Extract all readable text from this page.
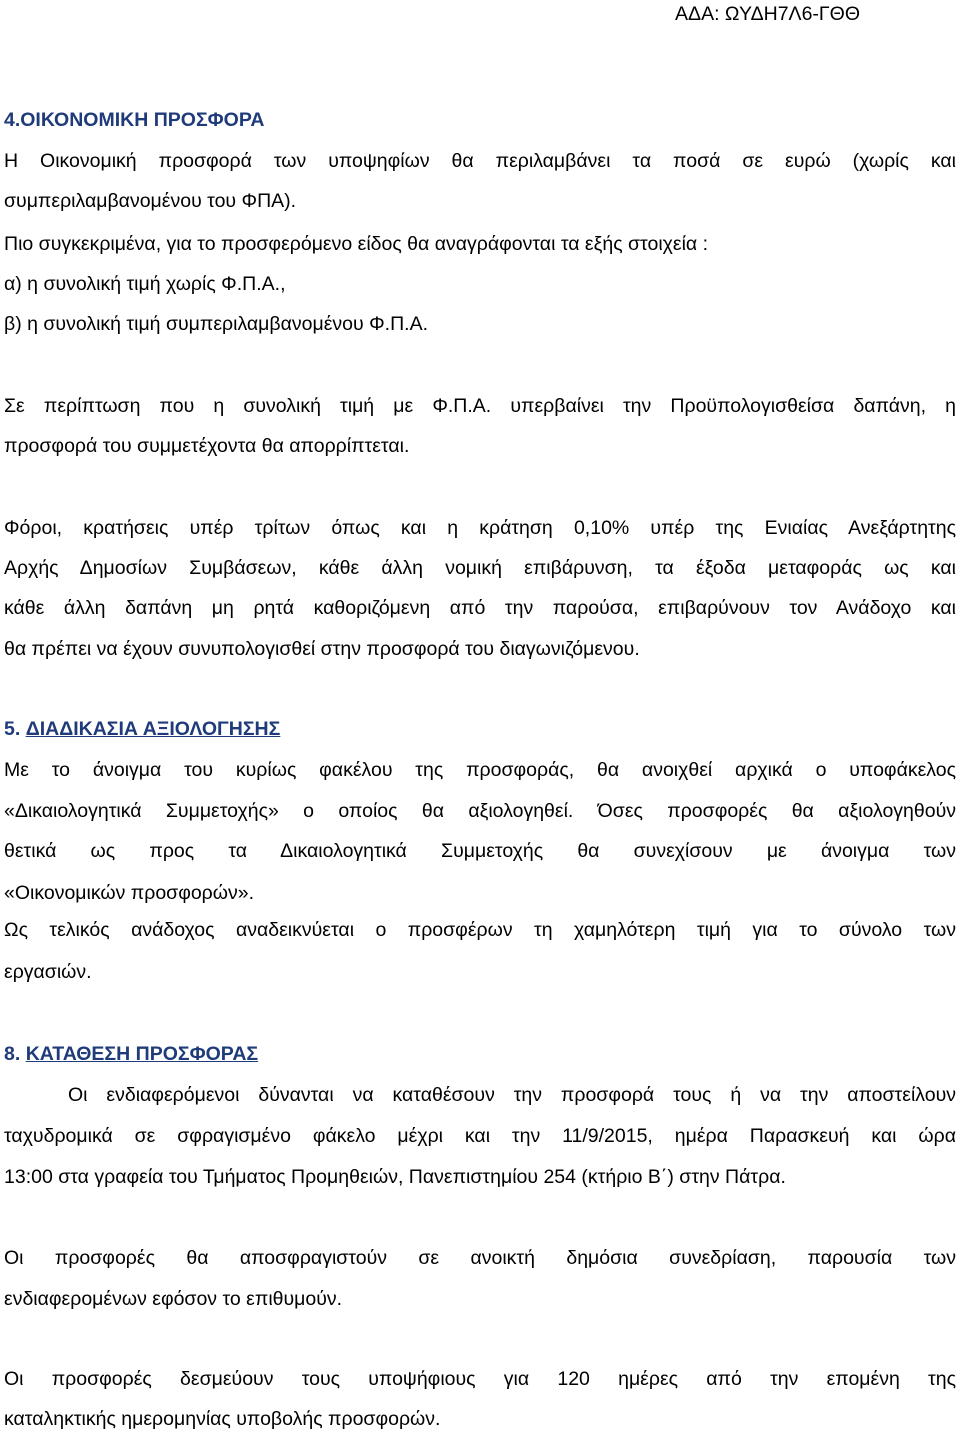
ΑΔΑ: ΩΥΔΗ7Λ6-ΓΘΘ
4.ΟΙΚΟΝΟΜΙΚΗ ΠΡΟΣΦΟΡΑ
Η Οικονομική προσφορά των υποψηφίων θα περιλαμβάνει τα ποσά σε ευρώ (χωρίς και
συμπεριλαμβανομένου του ΦΠΑ).
Πιο συγκεκριμένα, για το προσφερόμενο είδος θα αναγράφονται τα εξής στοιχεία :
α) η συνολική τιμή χωρίς Φ.Π.Α.,
β) η συνολική τιμή συμπεριλαμβανομένου Φ.Π.Α.
Σε περίπτωση που η συνολική τιμή με Φ.Π.Α. υπερβαίνει την Προϋπολογισθείσα δαπάνη, η
προσφορά του συμμετέχοντα θα απορρίπτεται.
Φόροι, κρατήσεις υπέρ τρίτων όπως και η κράτηση 0,10% υπέρ της Ενιαίας Ανεξάρτητης
Αρχής Δημοσίων Συμβάσεων, κάθε άλλη νομική επιβάρυνση, τα έξοδα μεταφοράς ως και
κάθε άλλη δαπάνη μη ρητά καθοριζόμενη από την παρούσα, επιβαρύνουν τον Ανάδοχο και
θα πρέπει να έχουν συνυπολογισθεί στην προσφορά του διαγωνιζόμενου.
5. ΔΙΑΔΙΚΑΣΙΑ ΑΞΙΟΛΟΓΗΣΗΣ
Με το άνοιγμα του κυρίως φακέλου της προσφοράς, θα ανοιχθεί αρχικά ο υποφάκελος
«Δικαιολογητικά Συμμετοχής» ο οποίος θα αξιολογηθεί. Όσες προσφορές θα αξιολογηθούν
θετικά ως προς τα Δικαιολογητικά Συμμετοχής θα συνεχίσουν με άνοιγμα των
«Οικονομικών προσφορών».
Ως τελικός ανάδοχος αναδεικνύεται ο προσφέρων τη χαμηλότερη τιμή για το σύνολο των
εργασιών.
8. ΚΑΤΑΘΕΣΗ ΠΡΟΣΦΟΡΑΣ
Οι ενδιαφερόμενοι δύνανται να καταθέσουν την προσφορά τους ή να την αποστείλουν
ταχυδρομικά σε σφραγισμένο φάκελο μέχρι και την 11/9/2015, ημέρα Παρασκευή και ώρα
13:00 στα γραφεία του Τμήματος Προμηθειών, Πανεπιστημίου 254 (κτήριο Β΄) στην Πάτρα.
Οι προσφορές θα αποσφραγιστούν σε ανοικτή δημόσια συνεδρίαση, παρουσία των
ενδιαφερομένων εφόσον το επιθυμούν.
Οι προσφορές δεσμεύουν τους υποψήφιους για 120 ημέρες από την επομένη της
καταληκτικής ημερομηνίας υποβολής προσφορών.
